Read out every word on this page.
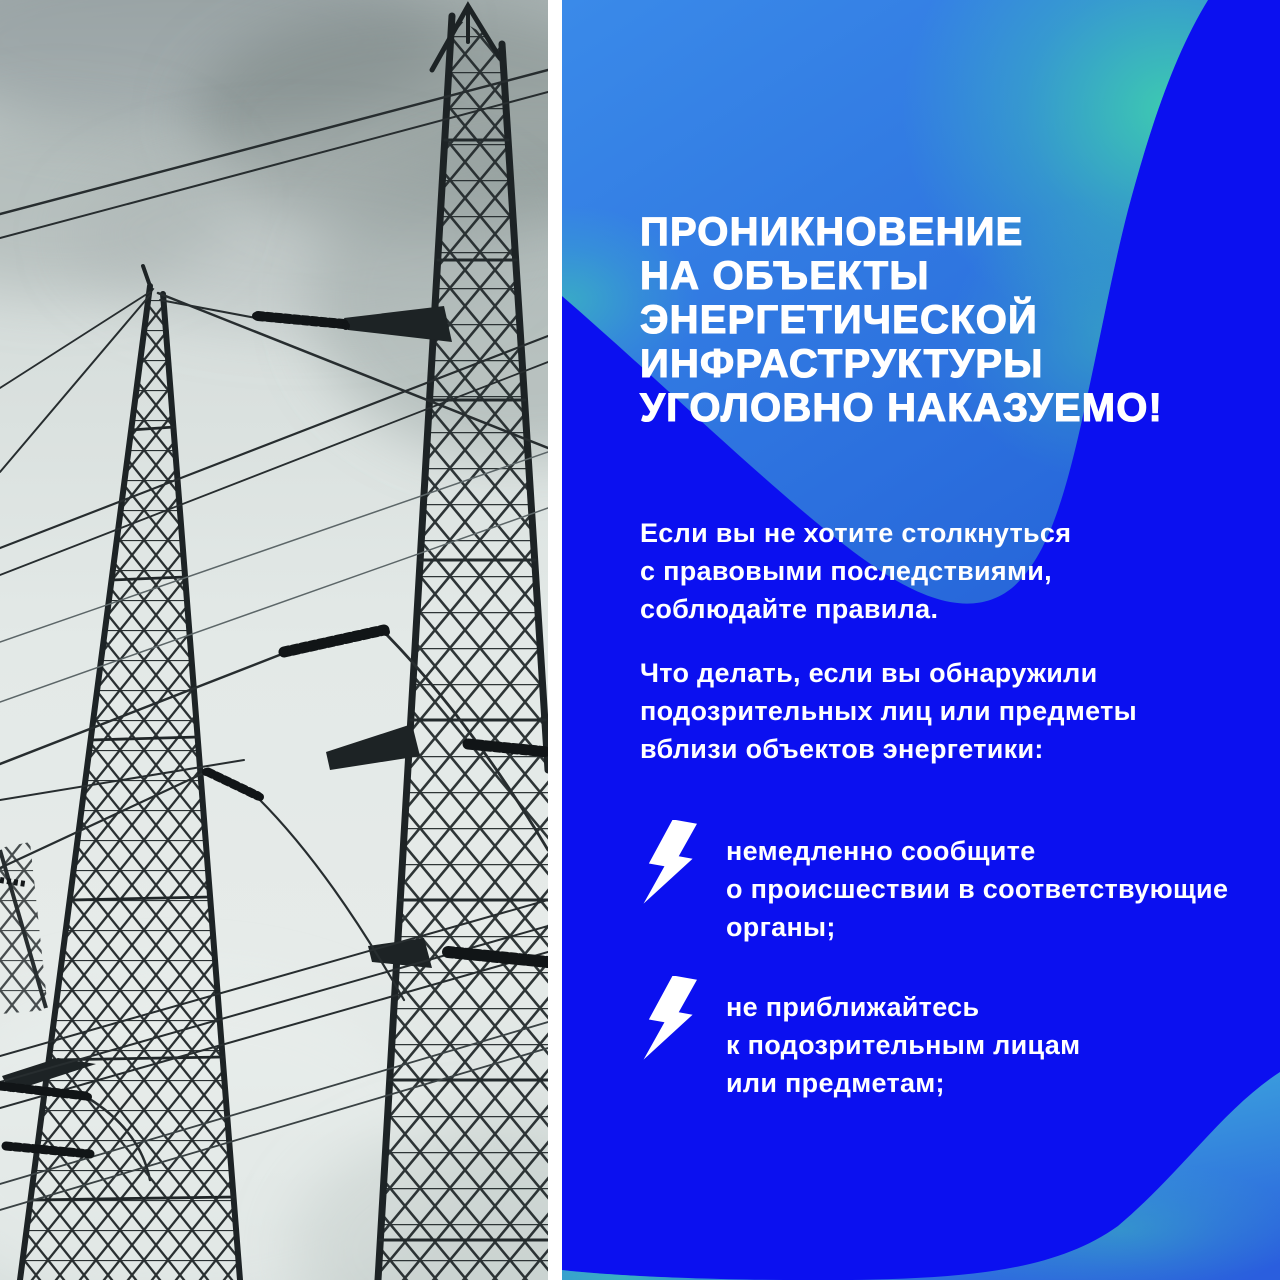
ПРОНИКНОВЕНИЕ
НА ОБЪЕКТЫ
ЭНЕРГЕТИЧЕСКОЙ
ИНФРАСТРУКТУРЫ
УГОЛОВНО НАКАЗУЕМО!
Если вы не хотите столкнуться
с правовыми последствиями,
соблюдайте правила.
Что делать, если вы обнаружили
подозрительных лиц или предметы
вблизи объектов энергетики:
немедленно сообщите
о происшествии в соответствующие
органы;
не приближайтесь
к подозрительным лицам
или предметам;
